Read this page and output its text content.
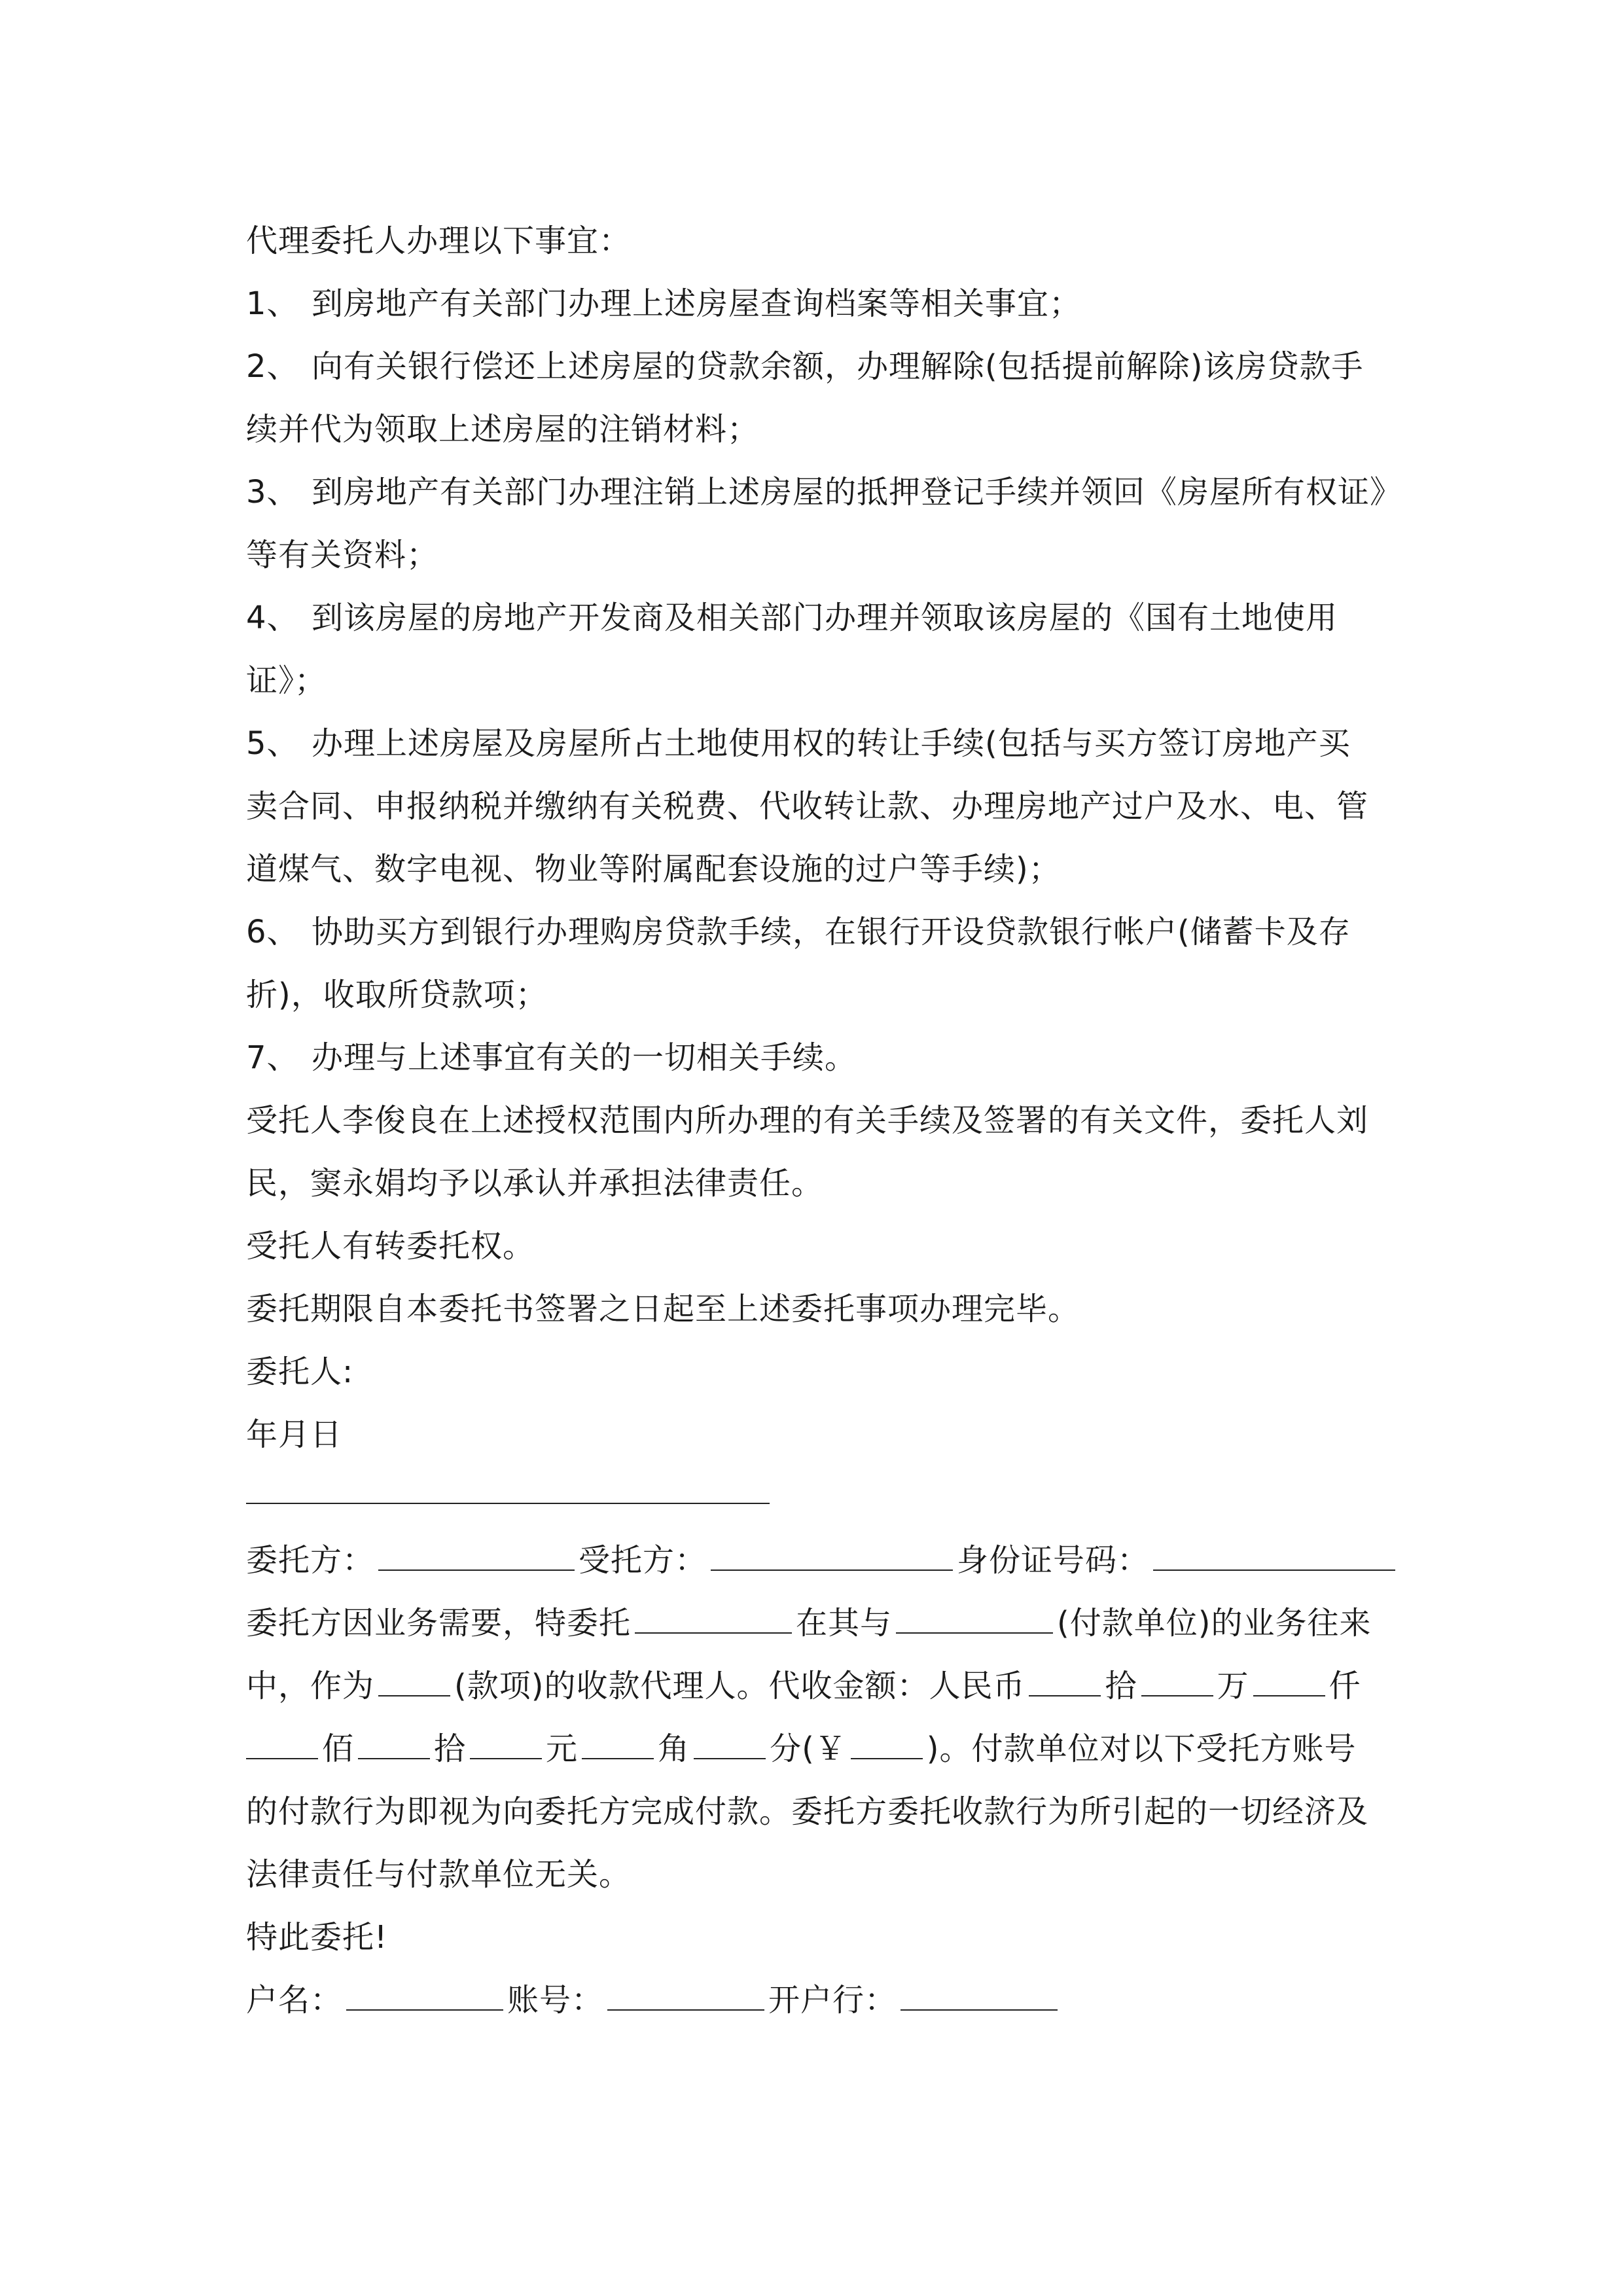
代理委托人办理以下事宜：
1、 到房地产有关部门办理上述房屋查询档案等相关事宜；
2、 向有关银行偿还上述房屋的贷款余额，办理解除(包括提前解除)该房贷款手
续并代为领取上述房屋的注销材料；
3、 到房地产有关部门办理注销上述房屋的抵押登记手续并领回《房屋所有权证》
等有关资料；
4、 到该房屋的房地产开发商及相关部门办理并领取该房屋的《国有土地使用
证》；
5、 办理上述房屋及房屋所占土地使用权的转让手续(包括与买方签订房地产买
卖合同、申报纳税并缴纳有关税费、代收转让款、办理房地产过户及水、电、管
道煤气、数字电视、物业等附属配套设施的过户等手续)；
6、 协助买方到银行办理购房贷款手续，在银行开设贷款银行帐户(储蓄卡及存
折)，收取所贷款项；
7、 办理与上述事宜有关的一切相关手续。
受托人李俊良在上述授权范围内所办理的有关手续及签署的有关文件，委托人刘
民，窦永娟均予以承认并承担法律责任。
受托人有转委托权。
委托期限自本委托书签署之日起至上述委托事项办理完毕。
委托人:
年月日
委托方：	受托方：	身份证号码：
委托方因业务需要，特委托	在其与	(付款单位)的业务往来
中，作为	(款项)的收款代理人。代收金额：人民币	拾	万	仟
佰	拾	元	角	分(￥	)。付款单位对以下受托方账号
的付款行为即视为向委托方完成付款。委托方委托收款行为所引起的一切经济及
法律责任与付款单位无关。
特此委托!
户名：	账号：	开户行：
